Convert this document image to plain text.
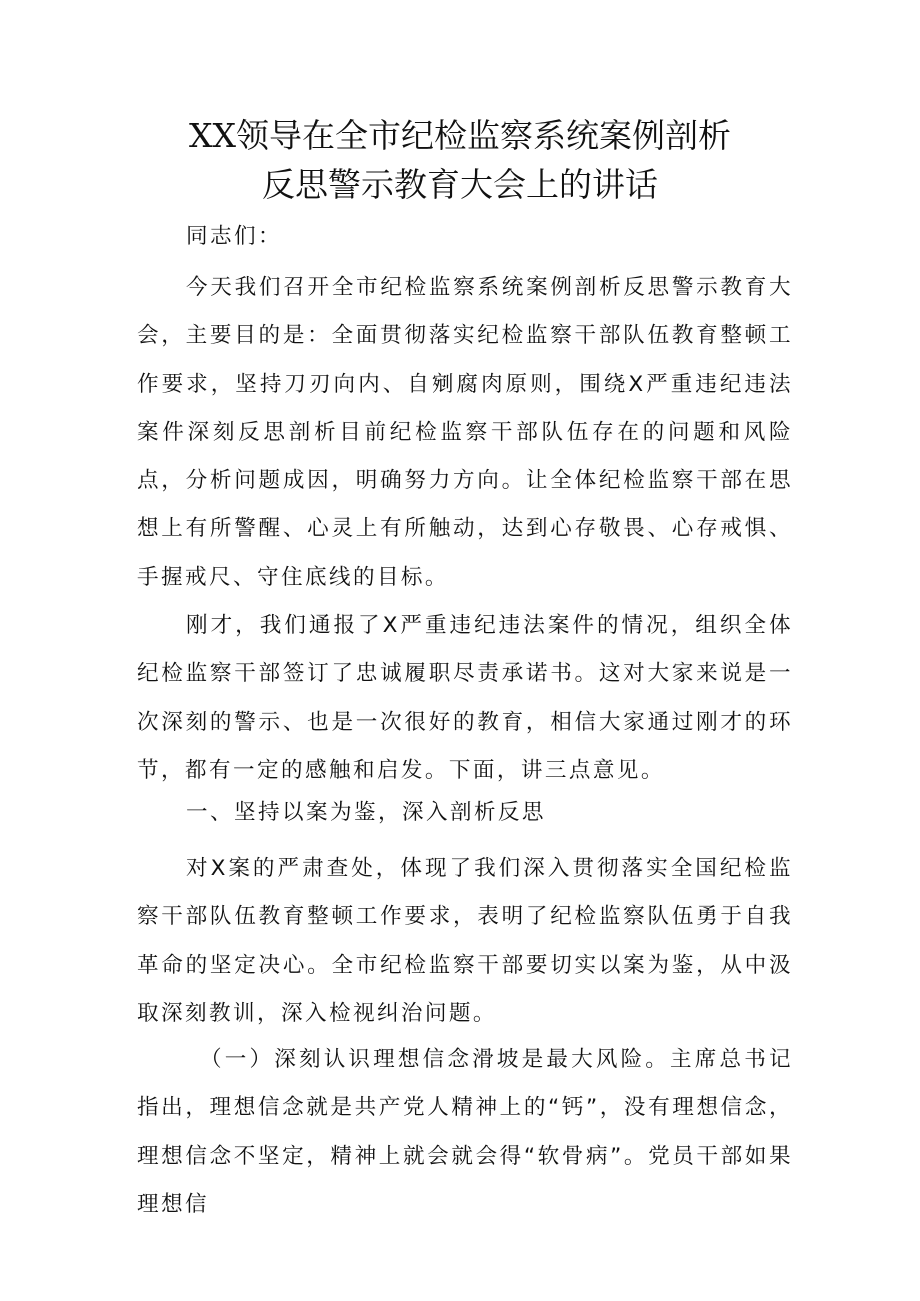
XX领导在全市纪检监察系统案例剖析
反思警示教育大会上的讲话
同志们：
今天我们召开全市纪检监察系统案例剖析反思警示教育大会，主要目的是：全面贯彻落实纪检监察干部队伍教育整顿工作要求，坚持刀刃向内、自剜腐肉原则，围绕X严重违纪违法案件深刻反思剖析目前纪检监察干部队伍存在的问题和风险点，分析问题成因，明确努力方向。让全体纪检监察干部在思想上有所警醒、心灵上有所触动，达到心存敬畏、心存戒惧、手握戒尺、守住底线的目标。
刚才，我们通报了X严重违纪违法案件的情况，组织全体纪检监察干部签订了忠诚履职尽责承诺书。这对大家来说是一次深刻的警示、也是一次很好的教育，相信大家通过刚才的环节，都有一定的感触和启发。下面，讲三点意见。
一、坚持以案为鉴，深入剖析反思
对X案的严肃查处，体现了我们深入贯彻落实全国纪检监察干部队伍教育整顿工作要求，表明了纪检监察队伍勇于自我革命的坚定决心。全市纪检监察干部要切实以案为鉴，从中汲取深刻教训，深入检视纠治问题。
（一）深刻认识理想信念滑坡是最大风险。主席总书记指出，理想信念就是共产党人精神上的“钙”，没有理想信念，理想信念不坚定，精神上就会就会得“软骨病”。党员干部如果理想信
